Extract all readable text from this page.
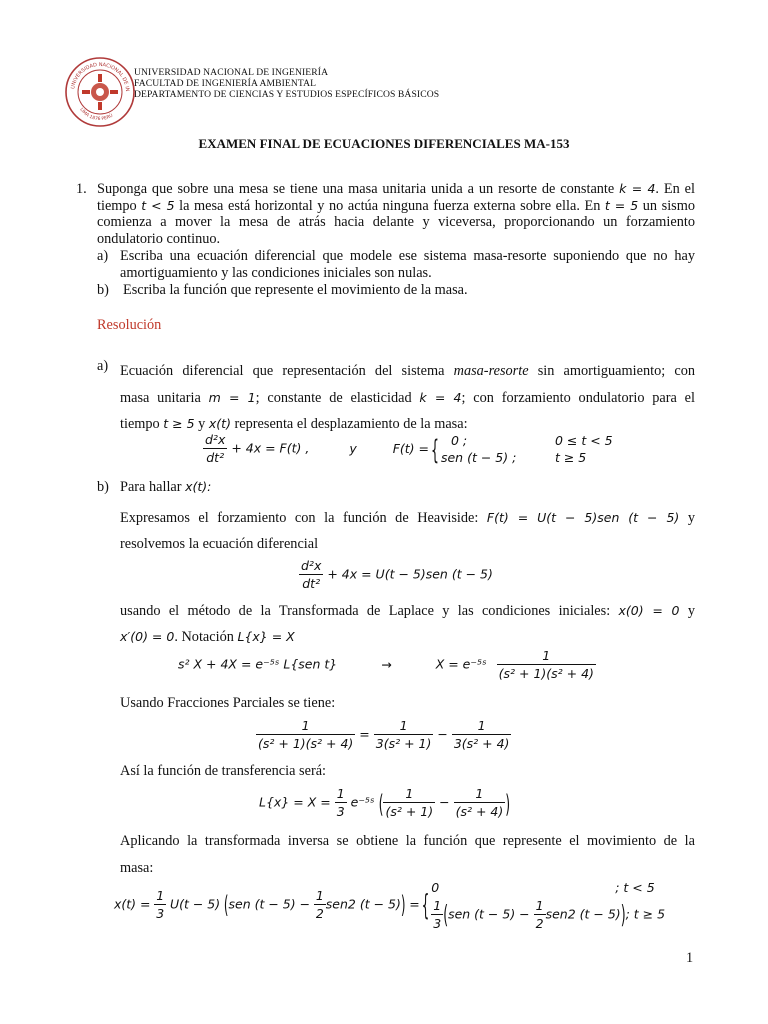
UNIVERSIDAD NACIONAL DE IN
LIMA 1876 PERÚ
UNIVERSIDAD NACIONAL DE INGENIERÍA
FACULTAD DE INGENIERÍA AMBIENTAL
DEPARTAMENTO DE CIENCIAS Y ESTUDIOS ESPECÍFICOS BÁSICOS
EXAMEN FINAL DE ECUACIONES DIFERENCIALES MA-153
1. Suponga que sobre una mesa se tiene una masa unitaria unida a un resorte de constante k = 4. En el tiempo t < 5 la mesa está horizontal y no actúa ninguna fuerza externa sobre ella. En t = 5 un sismo comienza a mover la mesa de atrás hacia delante y viceversa, proporcionando un forzamiento ondulatorio continuo.
a) Escriba una ecuación diferencial que modele ese sistema masa-resorte suponiendo que no hay amortiguamiento y las condiciones iniciales son nulas.
b) Escriba la función que represente el movimiento de la masa.
Resolución
a) Ecuación diferencial que representación del sistema masa-resorte sin amortiguamiento; con
masa unitaria m = 1; constante de elasticidad k = 4; con forzamiento ondulatorio para el
tiempo t ≥ 5 y x(t) representa el desplazamiento de la masa:
$\frac{\text{d²x}}{\text{dt²}} + 4x = F(t)$ ,	y	F(t) = { 0 ;	0 ≤ t < 5
sen (t − 5) ;	t ≥ 5
b) Para hallar x(t):
Expresamos el forzamiento con la función de Heaviside: F(t) = U(t − 5)sen (t − 5) y
resolvemos la ecuación diferencial
$\frac{\text{d²x}}{\text{dt²}} + 4x = U(t - 5)sen$ (t − 5)
usando el método de la Transformada de Laplace y las condiciones iniciales: x(0) = 0 y
x′(0) = 0. Notación L{x} = X
s² X + 4X = e⁻⁵ˢ L{sen t}	→	X = e⁻⁵ˢ $\frac{1}{\text{(s² + 1)(s² + 4)}}$
Usando Fracciones Parciales se tiene:
$\frac{1}{\text{(s² + 1)(s² + 4)}} = \frac{1}{\text{3(s² + 1)}} - \frac{1}{\text{3(s² + 4)}}$
Así la función de transferencia será:
$L\{x\} = X = \frac{1}{3}$ e⁻⁵ˢ ( $\frac{1}{\text{(s² + 1)}} - \frac{1}{\text{(s² + 4)}}$ )
Aplicando la transformada inversa se obtiene la función que represente el movimiento de la
masa:
$x(t) = \frac{1}{3} U(t - 5)$ (sen $(t - 5) - \frac{1}{2} sen2$ (t − 5)) = {
0	; t < 5
$\frac{1}{3} (sen$ $(t - 5) - \frac{1}{2} sen2$ (t − 5)); t ≥ 5
1
